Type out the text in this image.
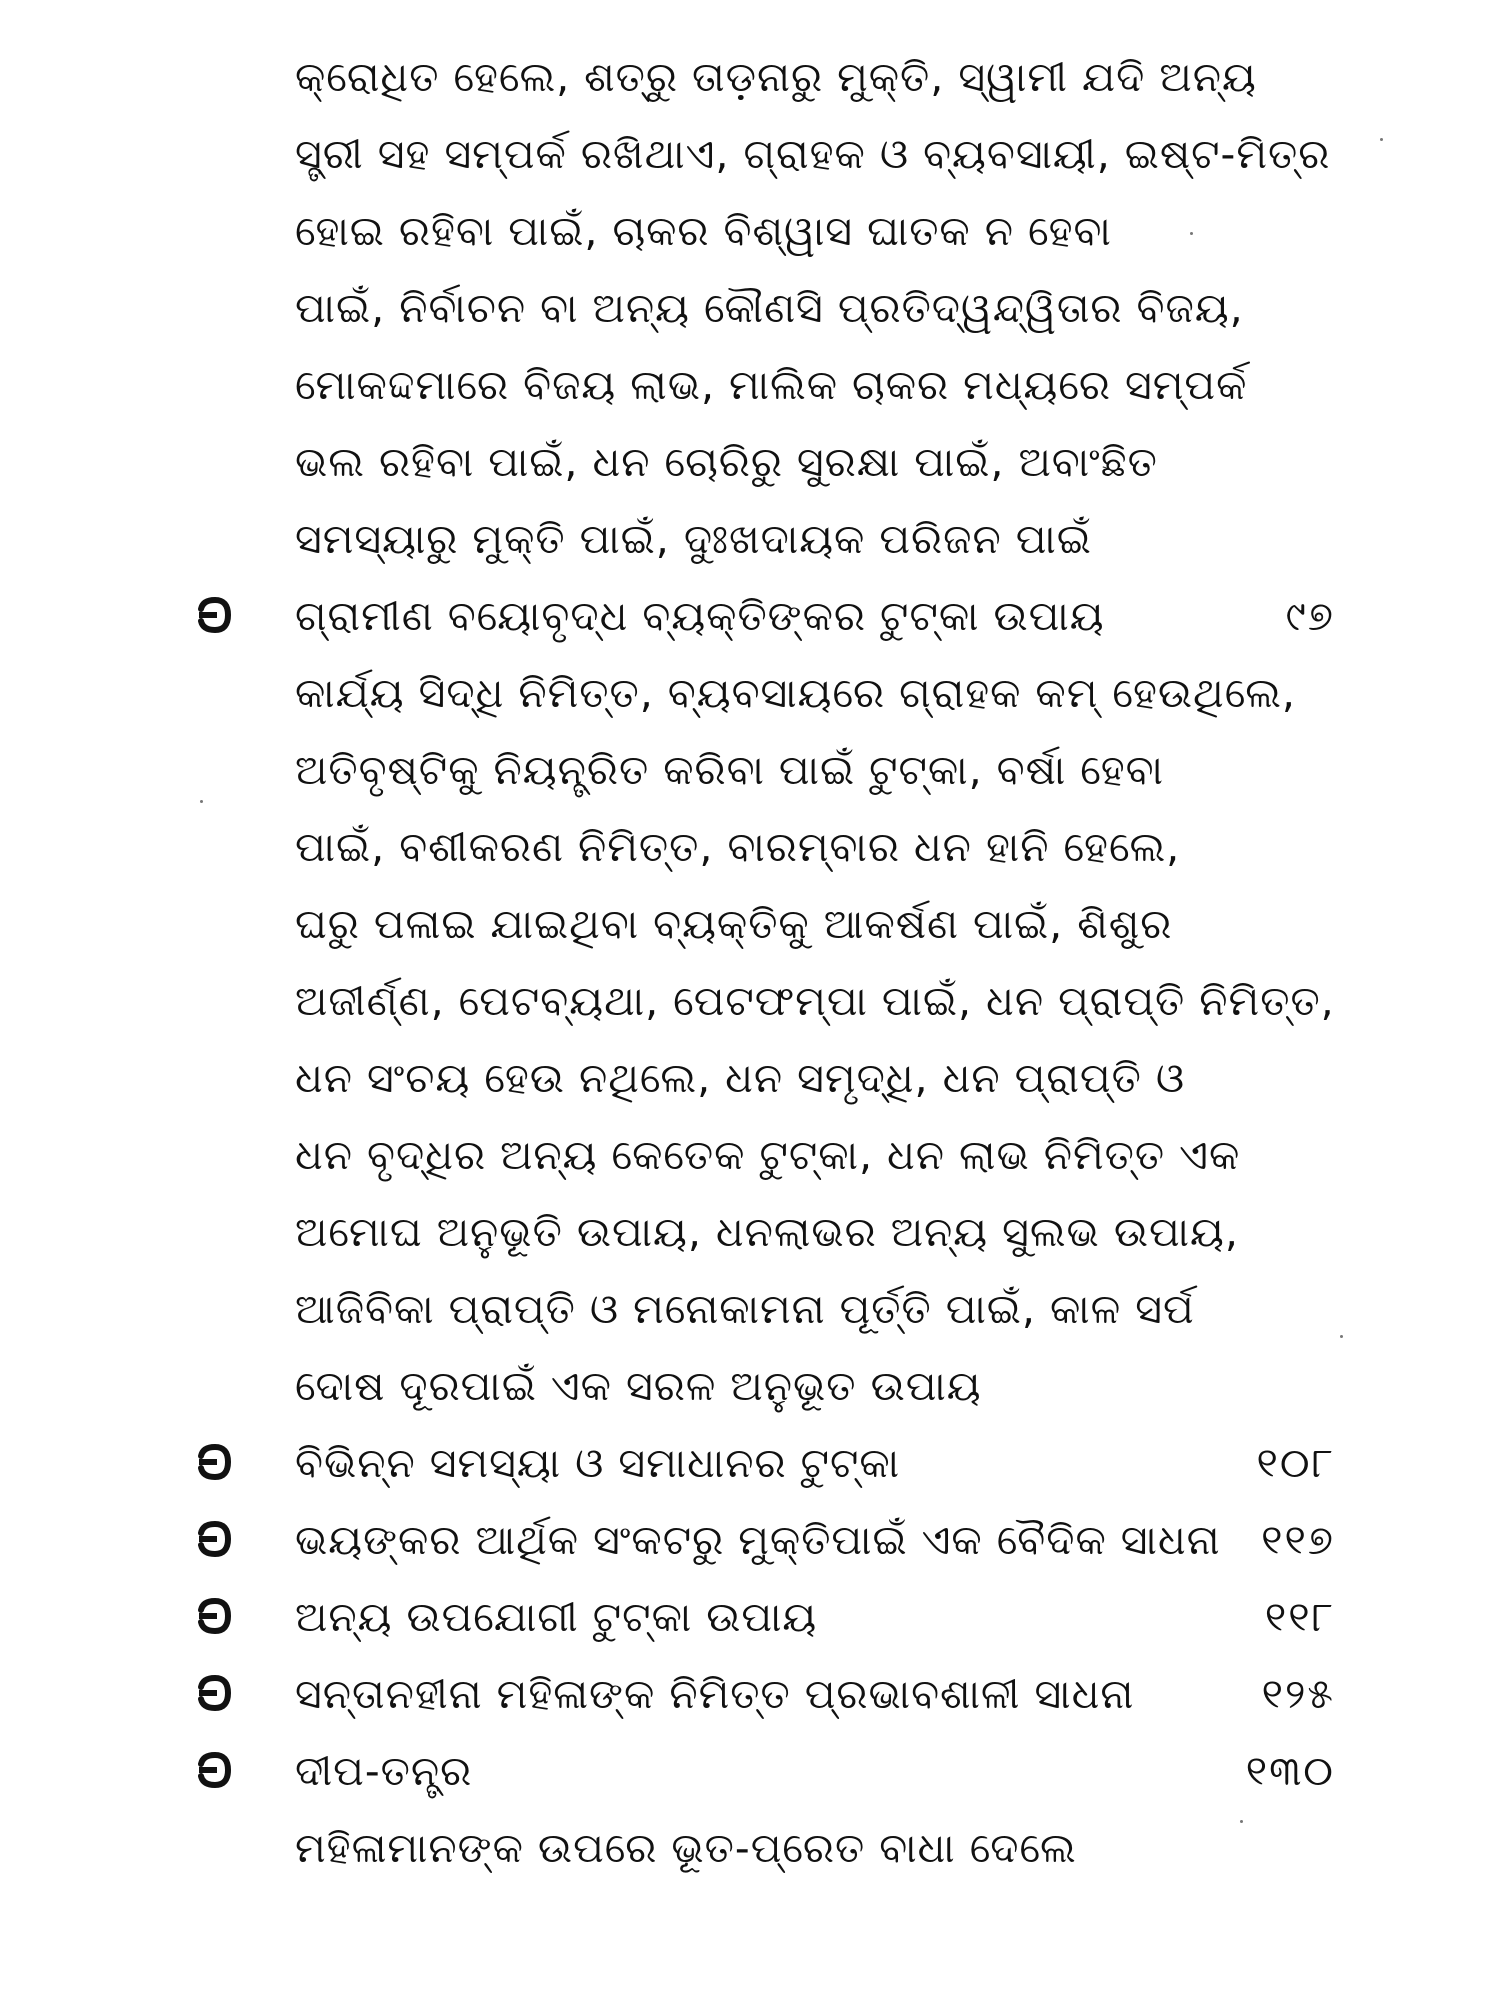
କ୍ରୋଧିତ ହେଲେ, ଶତ୍ରୁ ତାଡ଼ନାରୁ ମୁକ୍ତି, ସ୍ୱାମୀ ଯଦି ଅନ୍ୟ
ସ୍ତ୍ରୀ ସହ ସମ୍ପର୍କ ରଖିଥାଏ, ଗ୍ରାହକ ଓ ବ୍ୟବସାୟୀ, ଇଷ୍ଟ-ମିତ୍ର
ହୋଇ ରହିବା ପାଇଁ, ଚାକର ବିଶ୍ୱାସ ଘାତକ ନ ହେବା
ପାଇଁ, ନିର୍ବାଚନ ବା ଅନ୍ୟ କୌଣସି ପ୍ରତିଦ୍ୱନ୍ଦ୍ୱିତାର ବିଜୟ,
ମୋକଦ୍ଦମାରେ ବିଜୟ ଲାଭ, ମାଲିକ ଚାକର ମଧ୍ୟରେ ସମ୍ପର୍କ
ଭଲ ରହିବା ପାଇଁ, ଧନ ଚୋରିରୁ ସୁରକ୍ଷା ପାଇଁ, ଅବାଂଛିତ
ସମସ୍ୟାରୁ ମୁକ୍ତି ପାଇଁ, ଦୁଃଖଦାୟକ ପରିଜନ ପାଇଁ
ଗ୍ରାମୀଣ ବୟୋବୃଦ୍ଧ ବ୍ୟକ୍ତିଙ୍କର ଟୁଟ୍‌କା ଉପାୟ	୯୭
କାର୍ଯ୍ୟ ସିଦ୍ଧି ନିମିତ୍ତ, ବ୍ୟବସାୟରେ ଗ୍ରାହକ କମ୍ ହେଉଥିଲେ,
ଅତିବୃଷ୍ଟିକୁ ନିୟନ୍ତ୍ରିତ କରିବା ପାଇଁ ଟୁଟ୍‌କା, ବର୍ଷା ହେବା
ପାଇଁ, ବଶୀକରଣ ନିମିତ୍ତ, ବାରମ୍ବାର ଧନ ହାନି ହେଲେ,
ଘରୁ ପଳାଇ ଯାଇଥିବା ବ୍ୟକ୍ତିକୁ ଆକର୍ଷଣ ପାଇଁ, ଶିଶୁର
ଅଜୀର୍ଣ୍ଣ, ପେଟବ୍ୟଥା, ପେଟଫମ୍ପା ପାଇଁ, ଧନ ପ୍ରାପ୍ତି ନିମିତ୍ତ,
ଧନ ସଂଚୟ ହେଉ ନଥିଲେ, ଧନ ସମୃଦ୍ଧି, ଧନ ପ୍ରାପ୍ତି ଓ
ଧନ ବୃଦ୍ଧିର ଅନ୍ୟ କେତେକ ଟୁଟ୍‌କା, ଧନ ଲାଭ ନିମିତ୍ତ ଏକ
ଅମୋଘ ଅନୁଭୂତି ଉପାୟ, ଧନଲାଭର ଅନ୍ୟ ସୁଲଭ ଉପାୟ,
ଆଜିବିକା ପ୍ରାପ୍ତି ଓ ମନୋକାମନା ପୂର୍ତ୍ତି ପାଇଁ, କାଳ ସର୍ପ
ଦୋଷ ଦୂରପାଇଁ ଏକ ସରଳ ଅନୁଭୂତ ଉପାୟ
ବିଭିନ୍ନ ସମସ୍ୟା ଓ ସମାଧାନର ଟୁଟ୍‌କା	୧୦୮
ଭୟଙ୍କର ଆର୍ଥିକ ସଂକଟରୁ ମୁକ୍ତିପାଇଁ ଏକ ବୈଦିକ ସାଧନା ୧୧୭
ଅନ୍ୟ ଉପଯୋଗୀ ଟୁଟ୍‌କା ଉପାୟ	୧୧୮
ସନ୍ତାନହୀନା ମହିଳାଙ୍କ ନିମିତ୍ତ ପ୍ରଭାବଶାଳୀ ସାଧନା	୧୨୫
ଦୀପ-ତନ୍ତ୍ର	୧୩୦
ମହିଳାମାନଙ୍କ ଉପରେ ଭୂତ-ପ୍ରେତ ବାଧା ଦେଲେ
